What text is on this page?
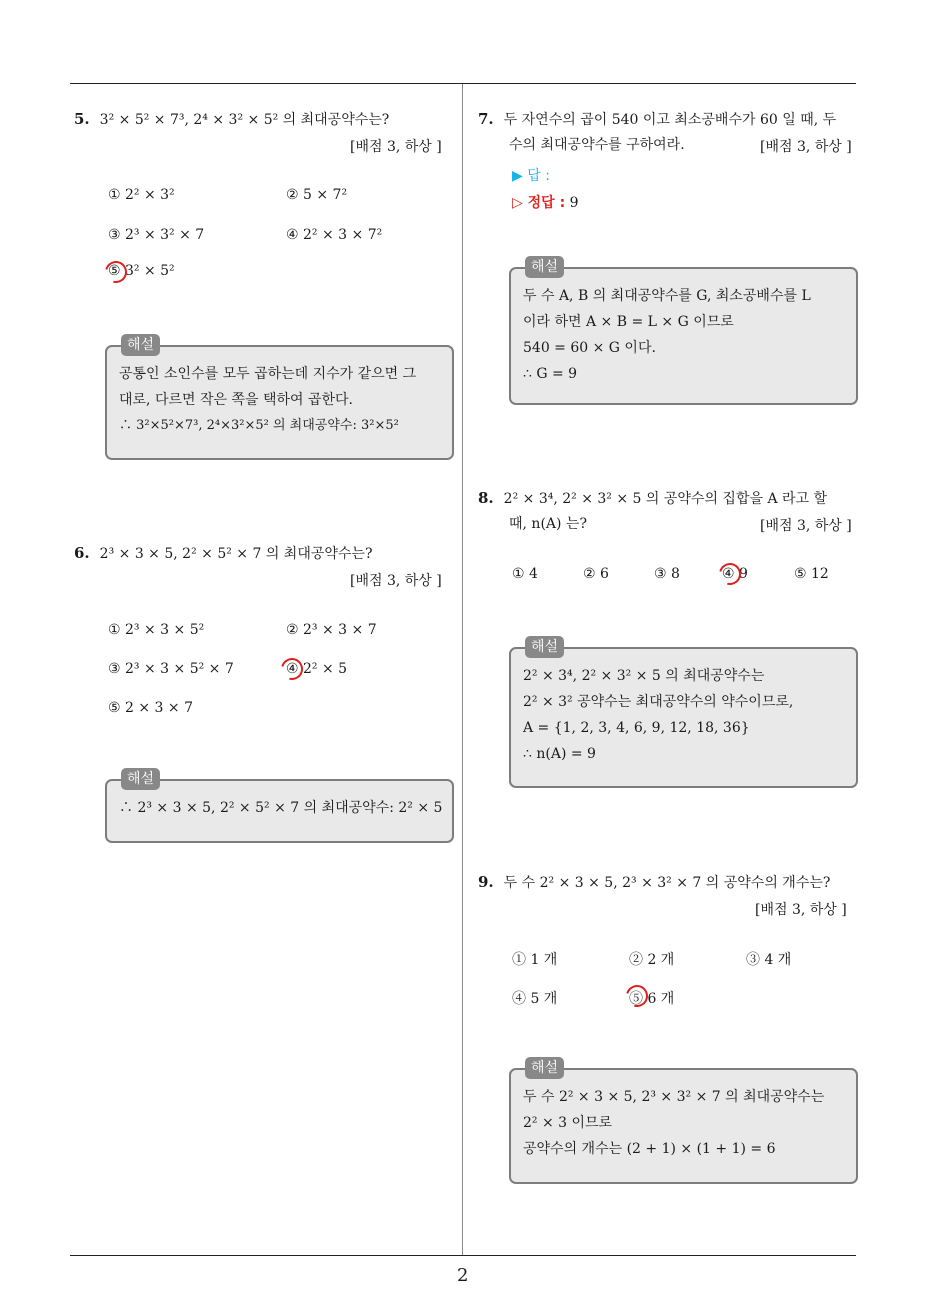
5. 3² × 5² × 7³, 2⁴ × 3² × 5² 의 최대공약수는?
[배점 3, 하상 ]
① 2² × 3²	② 5 × 7²
③ 2³ × 3² × 7	④ 2² × 3 × 7²
⑤ 3² × 5²
해설
공통인 소인수를 모두 곱하는데 지수가 같으면 그
대로, 다르면 작은 쪽을 택하여 곱한다.
∴ 3²×5²×7³, 2⁴×3²×5² 의 최대공약수: 3²×5²
6. 2³ × 3 × 5, 2² × 5² × 7 의 최대공약수는?
[배점 3, 하상 ]
① 2³ × 3 × 5²	② 2³ × 3 × 7
③ 2³ × 3 × 5² × 7	④ 2² × 5
⑤ 2 × 3 × 7
해설
∴ 2³ × 3 × 5, 2² × 5² × 7 의 최대공약수: 2² × 5
7. 두 자연수의 곱이 540 이고 최소공배수가 60 일 때, 두
수의 최대공약수를 구하여라.	[배점 3, 하상 ]
▶ 답 :
▷ 정답 : 9
해설
두 수 A, B 의 최대공약수를 G, 최소공배수를 L
이라 하면 A × B = L × G 이므로
540 = 60 × G 이다.
∴ G = 9
8. 2² × 3⁴, 2² × 3² × 5 의 공약수의 집합을 A 라고 할
때, n(A) 는?	[배점 3, 하상 ]
① 4	② 6	③ 8	④ 9	⑤ 12
해설
2² × 3⁴, 2² × 3² × 5 의 최대공약수는
2² × 3² 공약수는 최대공약수의 약수이므로,
A = {1, 2, 3, 4, 6, 9, 12, 18, 36}
∴ n(A) = 9
9. 두 수 2² × 3 × 5, 2³ × 3² × 7 의 공약수의 개수는?
[배점 3, 하상 ]
① 1 개	② 2 개	③ 4 개
④ 5 개	⑤ 6 개
해설
두 수 2² × 3 × 5, 2³ × 3² × 7 의 최대공약수는
2² × 3 이므로
공약수의 개수는 (2 + 1) × (1 + 1) = 6
2
